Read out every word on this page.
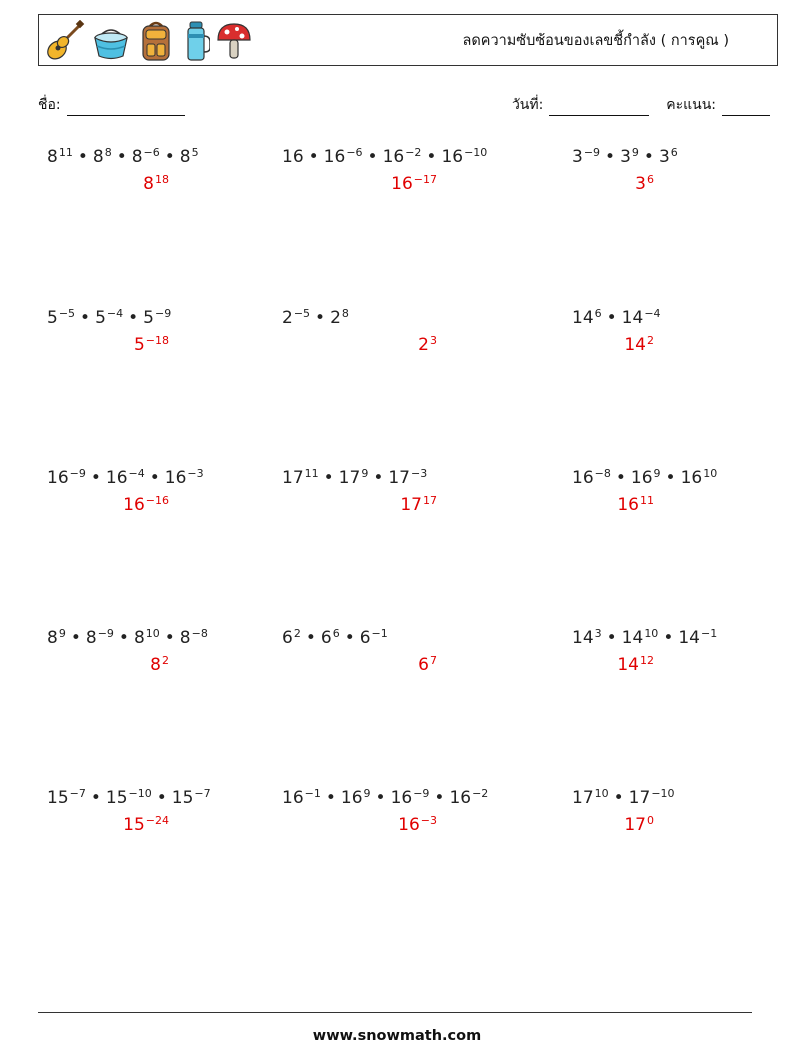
ลดความซับซ้อนของเลขชี้กำลัง ( การคูณ )
ชื่อ:	วันที่:	คะแนน:
$8^{11}$ • $8^8$ • $8^{-6}$ • $8^5$
$8^{18}$
16 • $16^{-6}$ • $16^{-2}$ • $16^{-10}$
$16^{-17}$
$3^{-9}$ • $3^9$ • $3^6$
$3^6$
$5^{-5}$ • $5^{-4}$ • $5^{-9}$
$5^{-18}$
$2^{-5}$ • $2^8$
$2^3$
$14^6$ • $14^{-4}$
$14^2$
$16^{-9}$ • $16^{-4}$ • $16^{-3}$
$16^{-16}$
$17^{11}$ • $17^9$ • $17^{-3}$
$17^{17}$
$16^{-8}$ • $16^9$ • $16^{10}$
$16^{11}$
$8^9$ • $8^{-9}$ • $8^{10}$ • $8^{-8}$
$8^2$
$6^2$ • $6^6$ • $6^{-1}$
$6^7$
$14^3$ • $14^{10}$ • $14^{-1}$
$14^{12}$
$15^{-7}$ • $15^{-10}$ • $15^{-7}$
$15^{-24}$
$16^{-1}$ • $16^9$ • $16^{-9}$ • $16^{-2}$
$16^{-3}$
$17^{10}$ • $17^{-10}$
$17^0$
www.snowmath.com
